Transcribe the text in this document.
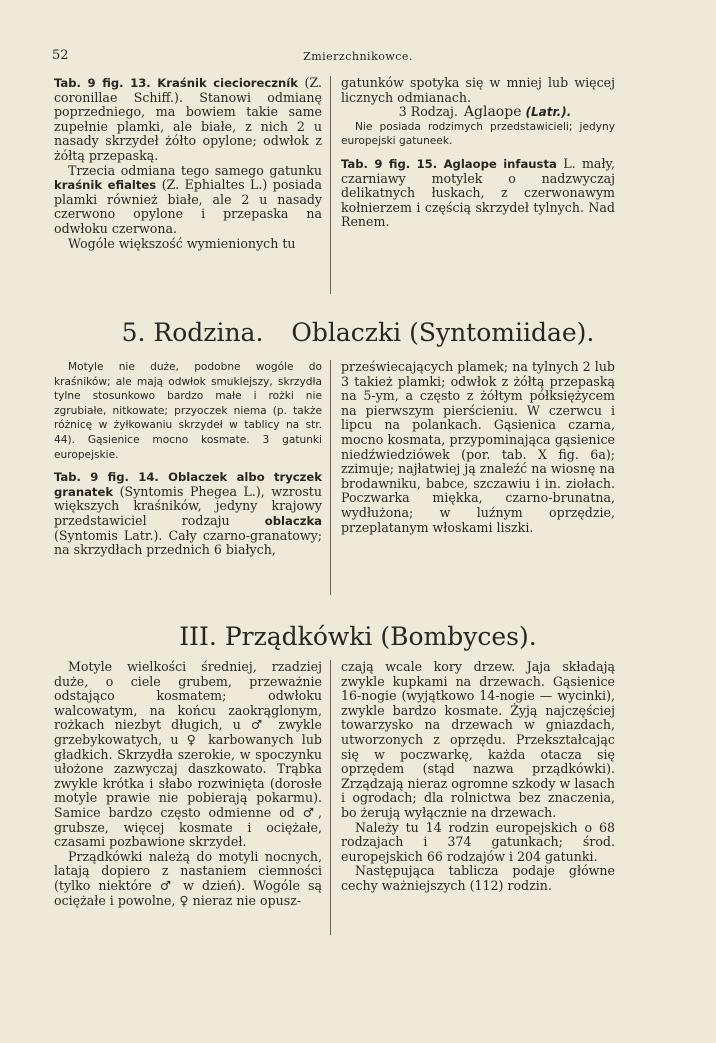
52	Zmierzchnikowce.

Tab. 9 fig. 13. Kraśnik ciecioreczník (Z. coronillae Schiff.). Stanowi odmianę poprzedniego, ma bowiem takie same zupełnie plamki, ale białe, z nich 2 u nasady skrzydeł żółto opylone; odwłok z żółtą przepaską.

Trzecia odmiana tego samego gatunku kraśnik efialtes (Z. Ephialtes L.) posiada plamki również białe, ale 2 u nasady czerwono opylone i przepaska na odwłoku czerwona.

Wogóle większość wymienionych tu

gatunków spotyka się w mniej lub więcej licznych odmianach.

3 Rodzaj. Aglaope (Latr.).

Nie posiada rodzimych przedstawicieli; jedyny europejski gatuneek.

Tab. 9 fig. 15. Aglaope infausta L. mały, czarniawy motylek o nadzwyczaj delikatnych łuskach, z czerwonawym kołnierzem i częścią skrzydeł tylnych. Nad Renem.

5. Rodzina. Oblaczki (Syntomiidae).

Motyle nie duże, podobne wogóle do kraśników; ale mają odwłok smuklejszy, skrzydła tylne stosunkowo bardzo małe i rożki nie zgrubiałe, nitkowate; przyoczek niema (p. także różnicę w żyłkowaniu skrzydeł w tablicy na str. 44). Gąsienice mocno kosmate. 3 gatunki europejskie.

Tab. 9 fig. 14. Oblaczek albo tryczek granatek (Syntomis Phegea L.), wzrostu większych kraśników, jedyny krajowy przedstawiciel rodzaju	oblaczka (Syntomis Latr.). Cały czarno-granatowy; na skrzydłach przednich 6 białych,

przeświecających plamek; na tylnych 2 lub 3 takież plamki; odwłok z żółtą przepaską na 5-ym, a często z żółtym półksiężycem na pierwszym pierścieniu. W czerwcu i lipcu na polankach. Gąsienica czarna, mocno kosmata, przypominająca gąsienice niedźwiedziówek (por. tab. X fig. 6a); zzimuje; najłatwiej ją znaleźć na wiosnę na brodawniku, babce, szczawiu i in. ziołach. Poczwarka miękka, czarno-brunatna, wydłużona; w luźnym oprzędzie, przeplatanym włoskami liszki.

III. Prządkówki (Bombyces).

Motyle wielkości średniej, rzadziej duże, o ciele grubem, przeważnie odstająco kosmatem; odwłoku walcowatym, na końcu zaokrąglonym, rożkach niezbyt długich, u ♂ zwykle grzebykowatych, u ♀ karbowanych lub gładkich. Skrzydła szerokie, w spoczynku ułożone zazwyczaj daszkowato. Trąbka zwykle krótka i słabo rozwinięta (dorosłe motyle prawie nie pobierają pokarmu). Samice bardzo często odmienne od ♂, grubsze, więcej kosmate i ociężałe, czasami pozbawione skrzydeł.

Prządkówki należą do motyli nocnych, latają dopiero z nastaniem ciemności (tylko niektóre ♂ w dzień). Wogóle są ociężałe i powolne, ♀ nieraz nie opusz-

czają wcale kory drzew. Jaja składają zwykle kupkami na drzewach. Gąsienice 16-nogie (wyjątkowo 14-nogie — wycinki), zwykle bardzo kosmate. Żyją najczęściej towarzysko na drzewach w gniazdach, utworzonych z oprzędu. Przekształcając się w poczwarkę, każda otacza się oprzędem (stąd nazwa prządkówki). Zrządzają nieraz ogromne szkody w lasach i ogrodach; dla rolnictwa bez znaczenia, bo żerują wyłącznie na drzewach.

Należy tu 14 rodzin europejskich o 68 rodzajach i 374 gatunkach; środ. europejskich 66 rodzajów i 204 gatunki.

Następująca tablicza podaje główne cechy ważniejszych (112) rodzin.
